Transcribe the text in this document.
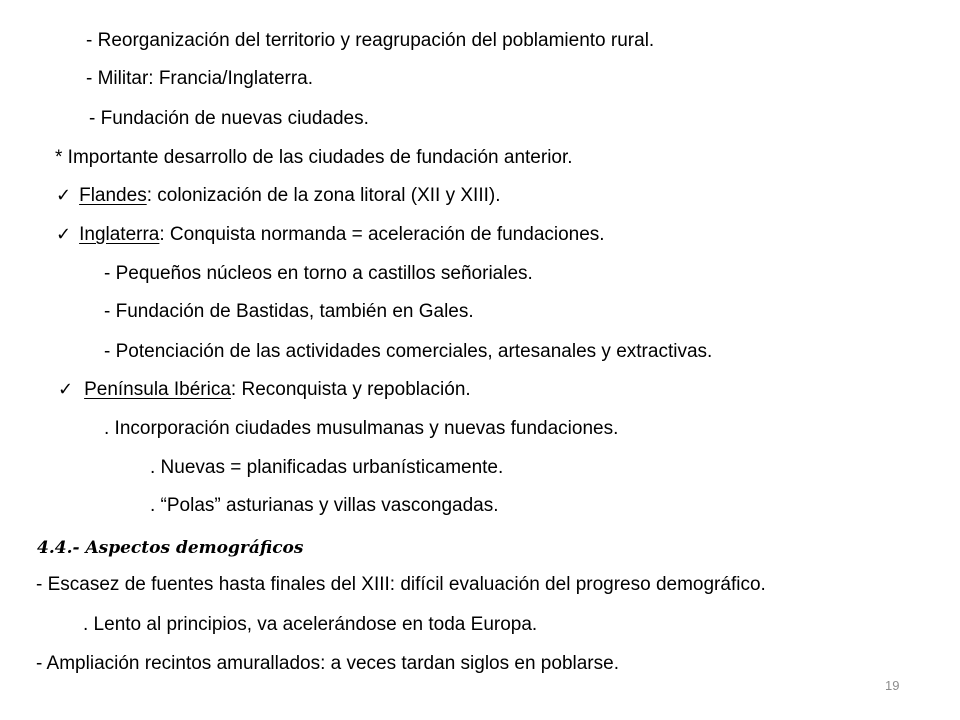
- Reorganización del territorio y reagrupación del poblamiento rural.
- Militar: Francia/Inglaterra.
- Fundación de nuevas ciudades.
* Importante desarrollo de las ciudades de fundación anterior.
✓ Flandes: colonización de la zona litoral (XII y XIII).
✓ Inglaterra: Conquista normanda = aceleración de fundaciones.
- Pequeños núcleos en torno a castillos señoriales.
- Fundación de Bastidas, también en Gales.
- Potenciación de las actividades comerciales, artesanales y extractivas.
✓ Península Ibérica: Reconquista y repoblación.
. Incorporación ciudades musulmanas y nuevas fundaciones.
. Nuevas = planificadas urbanísticamente.
. “Polas” asturianas y villas vascongadas.
4.4.- Aspectos demográficos
- Escasez de fuentes hasta finales del XIII: difícil evaluación del progreso demográfico.
. Lento al principios, va acelerándose en toda Europa.
- Ampliación recintos amurallados: a veces tardan siglos en poblarse.
19
